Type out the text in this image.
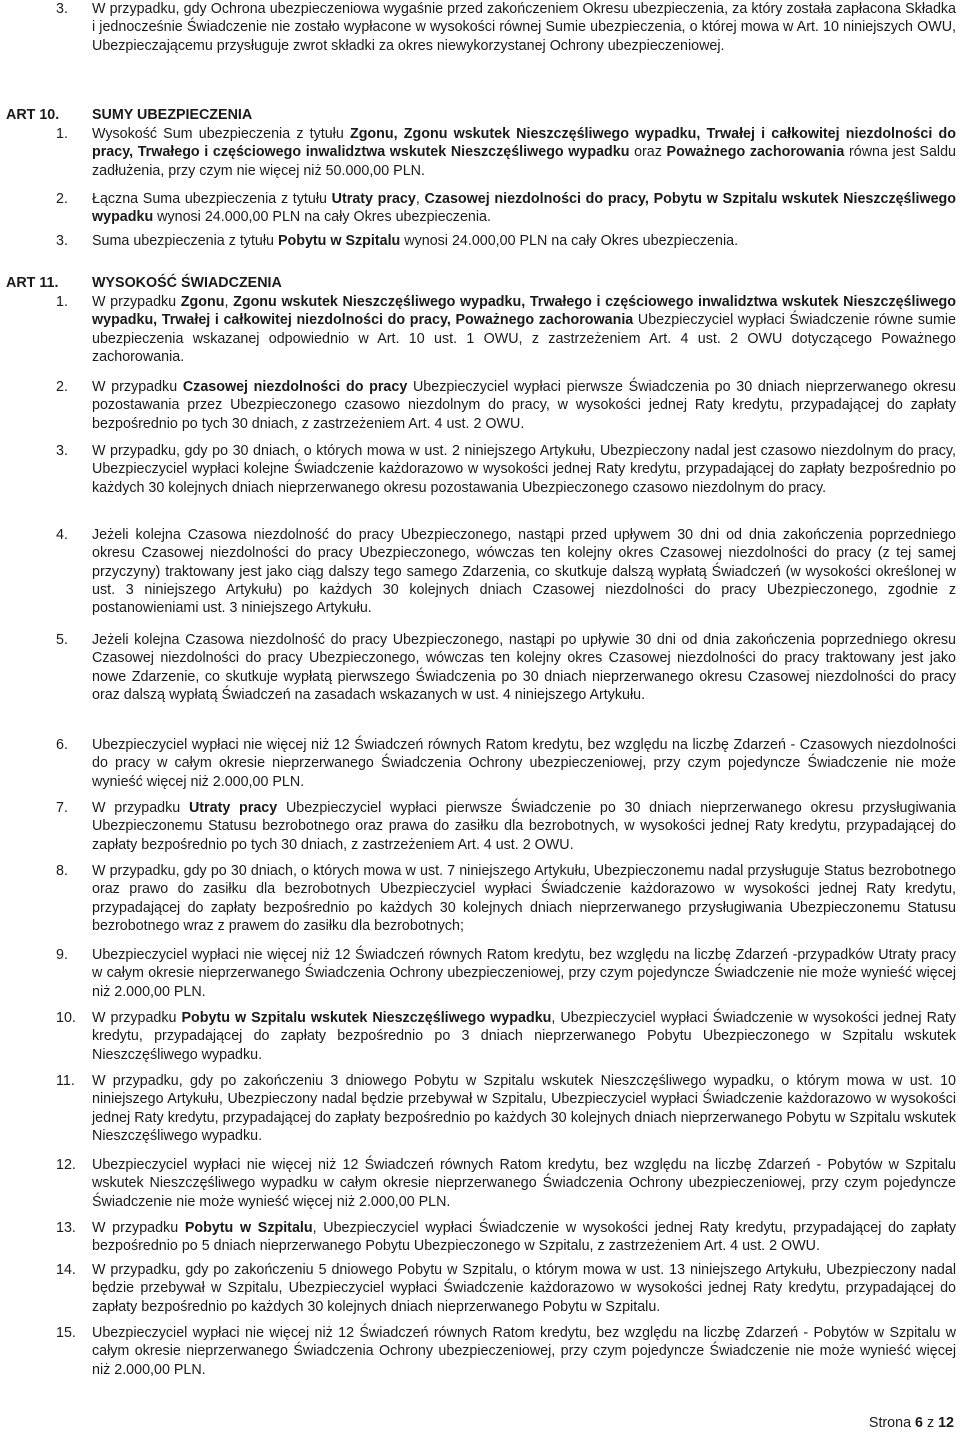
3.	W przypadku, gdy Ochrona ubezpieczeniowa wygaśnie przed zakończeniem Okresu ubezpieczenia, za który została zapłacona Składka i jednocześnie Świadczenie nie zostało wypłacone w wysokości równej Sumie ubezpieczenia, o której mowa w Art. 10 niniejszych OWU, Ubezpieczającemu przysługuje zwrot składki za okres niewykorzystanej Ochrony ubezpieczeniowej.
ART 10. SUMY UBEZPIECZENIA
1.	Wysokość Sum ubezpieczenia z tytułu Zgonu, Zgonu wskutek Nieszczęśliwego wypadku, Trwałej i całkowitej niezdolności do pracy, Trwałego i częściowego inwalidztwa wskutek Nieszczęśliwego wypadku oraz Poważnego zachorowania równa jest Saldu zadłużenia, przy czym nie więcej niż 50.000,00 PLN.
2.	Łączna Suma ubezpieczenia z tytułu Utraty pracy, Czasowej niezdolności do pracy, Pobytu w Szpitalu wskutek Nieszczęśliwego wypadku wynosi 24.000,00 PLN na cały Okres ubezpieczenia.
3.	Suma ubezpieczenia z tytułu Pobytu w Szpitalu wynosi 24.000,00 PLN na cały Okres ubezpieczenia.
ART 11. WYSOKOŚĆ ŚWIADCZENIA
1.	W przypadku Zgonu, Zgonu wskutek Nieszczęśliwego wypadku, Trwałego i częściowego inwalidztwa wskutek Nieszczęśliwego wypadku, Trwałej i całkowitej niezdolności do pracy, Poważnego zachorowania Ubezpieczyciel wypłaci Świadczenie równe sumie ubezpieczenia wskazanej odpowiednio w Art. 10 ust. 1 OWU, z zastrzeżeniem Art. 4 ust. 2 OWU dotyczącego Poważnego zachorowania.
2.	W przypadku Czasowej niezdolności do pracy Ubezpieczyciel wypłaci pierwsze Świadczenia po 30 dniach nieprzerwanego okresu pozostawania przez Ubezpieczonego czasowo niezdolnym do pracy, w wysokości jednej Raty kredytu, przypadającej do zapłaty bezpośrednio po tych 30 dniach, z zastrzeżeniem Art. 4 ust. 2 OWU.
3.	W przypadku, gdy po 30 dniach, o których mowa w ust. 2 niniejszego Artykułu, Ubezpieczony nadal jest czasowo niezdolnym do pracy, Ubezpieczyciel wypłaci kolejne Świadczenie każdorazowo w wysokości jednej Raty kredytu, przypadającej do zapłaty bezpośrednio po każdych 30 kolejnych dniach nieprzerwanego okresu pozostawania Ubezpieczonego czasowo niezdolnym do pracy.
4.	Jeżeli kolejna Czasowa niezdolność do pracy Ubezpieczonego, nastąpi przed upływem 30 dni od dnia zakończenia poprzedniego okresu Czasowej niezdolności do pracy Ubezpieczonego, wówczas ten kolejny okres Czasowej niezdolności do pracy (z tej samej przyczyny) traktowany jest jako ciąg dalszy tego samego Zdarzenia, co skutkuje dalszą wypłatą Świadczeń (w wysokości określonej w ust. 3 niniejszego Artykułu) po każdych 30 kolejnych dniach Czasowej niezdolności do pracy Ubezpieczonego, zgodnie z postanowieniami ust. 3 niniejszego Artykułu.
5.	Jeżeli kolejna Czasowa niezdolność do pracy Ubezpieczonego, nastąpi po upływie 30 dni od dnia zakończenia poprzedniego okresu Czasowej niezdolności do pracy Ubezpieczonego, wówczas ten kolejny okres Czasowej niezdolności do pracy traktowany jest jako nowe Zdarzenie, co skutkuje wypłatą pierwszego Świadczenia po 30 dniach nieprzerwanego okresu Czasowej niezdolności do pracy oraz dalszą wypłatą Świadczeń na zasadach wskazanych w ust. 4 niniejszego Artykułu.
6.	Ubezpieczyciel wypłaci nie więcej niż 12 Świadczeń równych Ratom kredytu, bez względu na liczbę Zdarzeń - Czasowych niezdolności do pracy w całym okresie nieprzerwanego Świadczenia Ochrony ubezpieczeniowej, przy czym pojedyncze Świadczenie nie może wynieść więcej niż 2.000,00 PLN.
7.	W przypadku Utraty pracy Ubezpieczyciel wypłaci pierwsze Świadczenie po 30 dniach nieprzerwanego okresu przysługiwania Ubezpieczonemu Statusu bezrobotnego oraz prawa do zasiłku dla bezrobotnych, w wysokości jednej Raty kredytu, przypadającej do zapłaty bezpośrednio po tych 30 dniach, z zastrzeżeniem Art. 4 ust. 2 OWU.
8.	W przypadku, gdy po 30 dniach, o których mowa w ust. 7 niniejszego Artykułu, Ubezpieczonemu nadal przysługuje Status bezrobotnego oraz prawo do zasiłku dla bezrobotnych Ubezpieczyciel wypłaci Świadczenie każdorazowo w wysokości jednej Raty kredytu, przypadającej do zapłaty bezpośrednio po każdych 30 kolejnych dniach nieprzerwanego przysługiwania Ubezpieczonemu Statusu bezrobotnego wraz z prawem do zasiłku dla bezrobotnych;
9.	Ubezpieczyciel wypłaci nie więcej niż 12 Świadczeń równych Ratom kredytu, bez względu na liczbę Zdarzeń -przypadków Utraty pracy w całym okresie nieprzerwanego Świadczenia Ochrony ubezpieczeniowej, przy czym pojedyncze Świadczenie nie może wynieść więcej niż 2.000,00 PLN.
10.	W przypadku Pobytu w Szpitalu wskutek Nieszczęśliwego wypadku, Ubezpieczyciel wypłaci Świadczenie w wysokości jednej Raty kredytu, przypadającej do zapłaty bezpośrednio po 3 dniach nieprzerwanego Pobytu Ubezpieczonego w Szpitalu wskutek Nieszczęśliwego wypadku.
11.	W przypadku, gdy po zakończeniu 3 dniowego Pobytu w Szpitalu wskutek Nieszczęśliwego wypadku, o którym mowa w ust. 10 niniejszego Artykułu, Ubezpieczony nadal będzie przebywał w Szpitalu, Ubezpieczyciel wypłaci Świadczenie każdorazowo w wysokości jednej Raty kredytu, przypadającej do zapłaty bezpośrednio po każdych 30 kolejnych dniach nieprzerwanego Pobytu w Szpitalu wskutek Nieszczęśliwego wypadku.
12.	Ubezpieczyciel wypłaci nie więcej niż 12 Świadczeń równych Ratom kredytu, bez względu na liczbę Zdarzeń - Pobytów w Szpitalu wskutek Nieszczęśliwego wypadku w całym okresie nieprzerwanego Świadczenia Ochrony ubezpieczeniowej, przy czym pojedyncze Świadczenie nie może wynieść więcej niż 2.000,00 PLN.
13.	W przypadku Pobytu w Szpitalu, Ubezpieczyciel wypłaci Świadczenie w wysokości jednej Raty kredytu, przypadającej do zapłaty bezpośrednio po 5 dniach nieprzerwanego Pobytu Ubezpieczonego w Szpitalu, z zastrzeżeniem Art. 4 ust. 2 OWU.
14.	W przypadku, gdy po zakończeniu 5 dniowego Pobytu w Szpitalu, o którym mowa w ust. 13 niniejszego Artykułu, Ubezpieczony nadal będzie przebywał w Szpitalu, Ubezpieczyciel wypłaci Świadczenie każdorazowo w wysokości jednej Raty kredytu, przypadającej do zapłaty bezpośrednio po każdych 30 kolejnych dniach nieprzerwanego Pobytu w Szpitalu.
15.	Ubezpieczyciel wypłaci nie więcej niż 12 Świadczeń równych Ratom kredytu, bez względu na liczbę Zdarzeń - Pobytów w Szpitalu w całym okresie nieprzerwanego Świadczenia Ochrony ubezpieczeniowej, przy czym pojedyncze Świadczenie nie może wynieść więcej niż 2.000,00 PLN.
Strona 6 z 12
